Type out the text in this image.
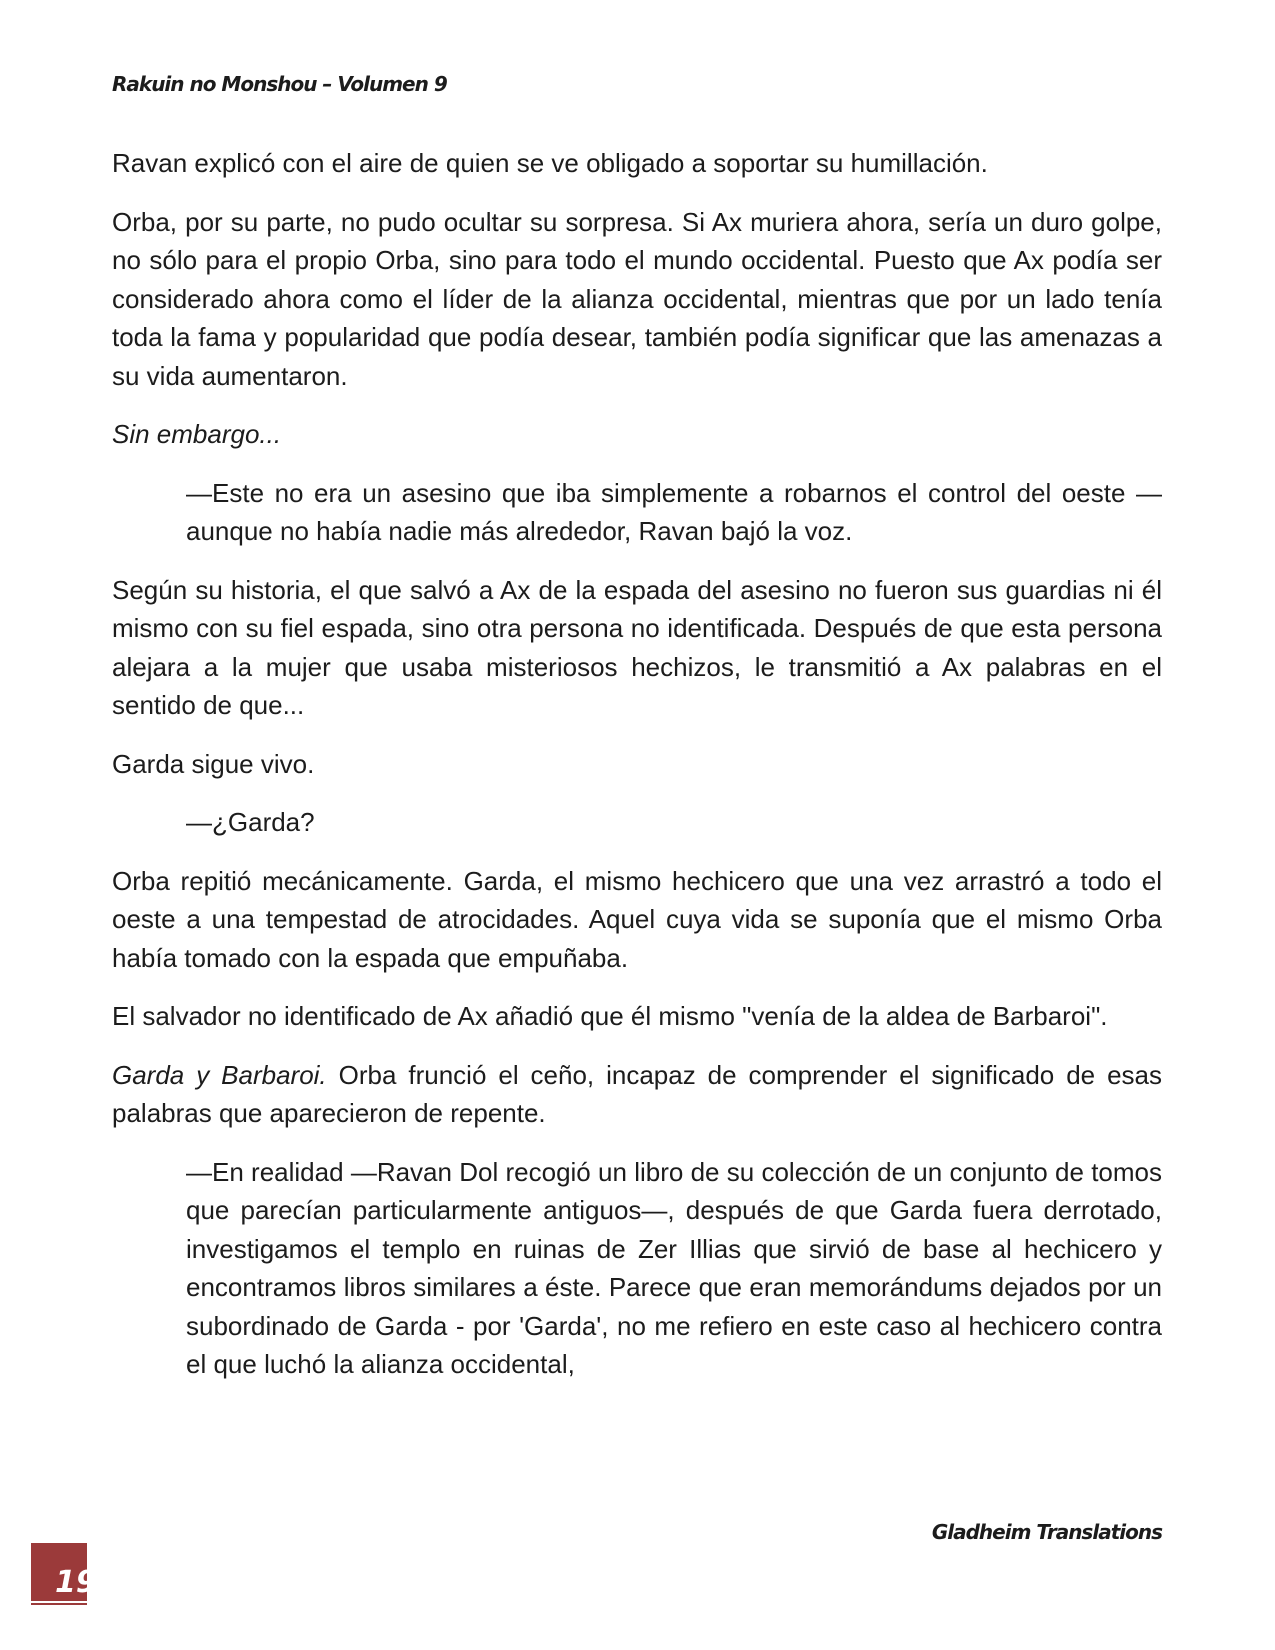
Rakuin no Monshou – Volumen 9

Ravan explicó con el aire de quien se ve obligado a soportar su humillación.

Orba, por su parte, no pudo ocultar su sorpresa. Si Ax muriera ahora, sería un duro golpe, no sólo para el propio Orba, sino para todo el mundo occidental. Puesto que Ax podía ser considerado ahora como el líder de la alianza occidental, mientras que por un lado tenía toda la fama y popularidad que podía desear, también podía significar que las amenazas a su vida aumentaron.

Sin embargo...

—Este no era un asesino que iba simplemente a robarnos el control del oeste —aunque no había nadie más alrededor, Ravan bajó la voz.

Según su historia, el que salvó a Ax de la espada del asesino no fueron sus guardias ni él mismo con su fiel espada, sino otra persona no identificada. Después de que esta persona alejara a la mujer que usaba misteriosos hechizos, le transmitió a Ax palabras en el sentido de que...

Garda sigue vivo.

—¿Garda?

Orba repitió mecánicamente. Garda, el mismo hechicero que una vez arrastró a todo el oeste a una tempestad de atrocidades. Aquel cuya vida se suponía que el mismo Orba había tomado con la espada que empuñaba.

El salvador no identificado de Ax añadió que él mismo "venía de la aldea de Barbaroi".

Garda y Barbaroi. Orba frunció el ceño, incapaz de comprender el significado de esas palabras que aparecieron de repente.

—En realidad —Ravan Dol recogió un libro de su colección de un conjunto de tomos que parecían particularmente antiguos—, después de que Garda fuera derrotado, investigamos el templo en ruinas de Zer Illias que sirvió de base al hechicero y encontramos libros similares a éste. Parece que eran memorándums dejados por un subordinado de Garda - por 'Garda', no me refiero en este caso al hechicero contra el que luchó la alianza occidental,

Gladheim Translations
19
